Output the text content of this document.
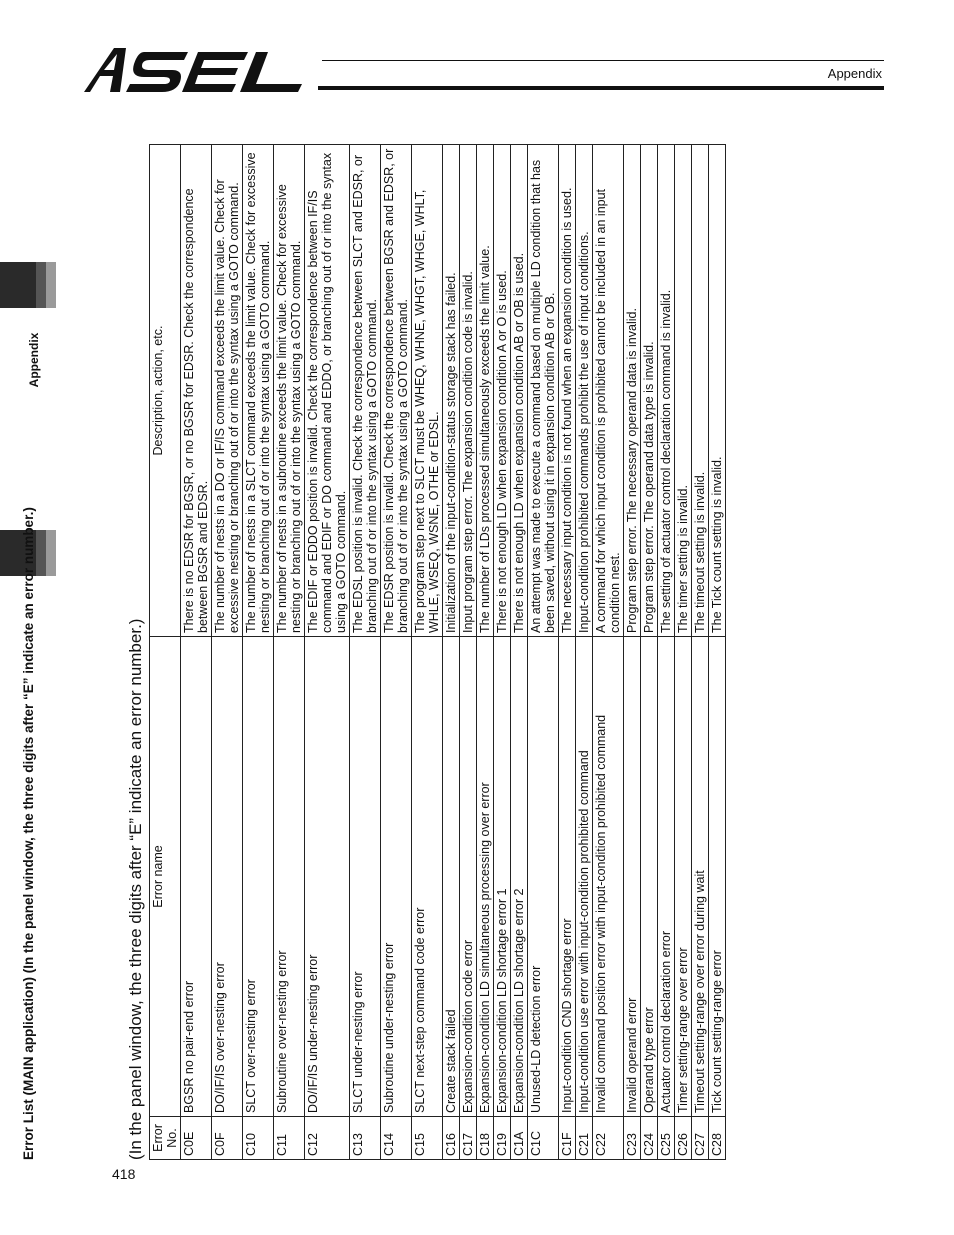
Appendix
Appendix
Error List (MAIN application) (In the panel window, the three digits after “E” indicate an error number.)	(In the panel window, the three digits after “E” indicate an error number.) Error No.	Error name	Description, action, etc.
C0E	BGSR no pair-end error	There is no EDSR for BGSR, or no BGSR for EDSR. Check the correspondence between BGSR and EDSR.
C0F	DO/IF/IS over-nesting error	The number of nests in a DO or IF/IS command exceeds the limit value. Check for excessive nesting or branching out of or into the syntax using a GOTO command.
C10	SLCT over-nesting error	The number of nests in a SLCT command exceeds the limit value. Check for excessive nesting or branching out of or into the syntax using a GOTO command.
C11	Subroutine over-nesting error	The number of nests in a subroutine exceeds the limit value. Check for excessive nesting or branching out of or into the syntax using a GOTO command.
C12	DO/IF/IS under-nesting error	The EDIF or EDDO position is invalid. Check the correspondence between IF/IS command and EDIF or DO command and EDDO, or branching out of or into the syntax using a GOTO command.
C13	SLCT under-nesting error	The EDSL position is invalid. Check the correspondence between SLCT and EDSR, or branching out of or into the syntax using a GOTO command.
C14	Subroutine under-nesting error	The EDSR position is invalid. Check the correspondence between BGSR and EDSR, or branching out of or into the syntax using a GOTO command.
C15	SLCT next-step command code error	The program step next to SLCT must be WHEQ, WHNE, WHGT, WHGE, WHLT, WHLE, WSEQ, WSNE, OTHE or EDSL.
C16	Create stack failed	Initialization of the input-condition-status storage stack has failed.
C17	Expansion-condition code error	Input program step error. The expansion condition code is invalid.
C18	Expansion-condition LD simultaneous processing over error	The number of LDs processed simultaneously exceeds the limit value.
C19	Expansion-condition LD shortage error 1	There is not enough LD when expansion condition A or O is used.
C1A	Expansion-condition LD shortage error 2	There is not enough LD when expansion condition AB or OB is used.
C1C	Unused-LD detection error	An attempt was made to execute a command based on multiple LD condition that has been saved, without using it in expansion condition AB or OB.
C1F	Input-condition CND shortage error	The necessary input condition is not found when an expansion condition is used.
C21	Input-condition use error with input-condition prohibited command	Input-condition prohibited commands prohibit the use of input conditions.
C22	Invalid command position error with input-condition prohibited command	A command for which input condition is prohibited cannot be included in an input condition nest.
C23	Invalid operand error	Program step error. The necessary operand data is invalid.
C24	Operand type error	Program step error. The operand data type is invalid.
C25	Actuator control declaration error	The setting of actuator control declaration command is invalid.
C26	Timer setting-range over error	The timer setting is invalid.
C27	Timeout setting-range over error during wait	The timeout setting is invalid.
C28	Tick count setting-range error	The Tick count setting is invalid.
418
